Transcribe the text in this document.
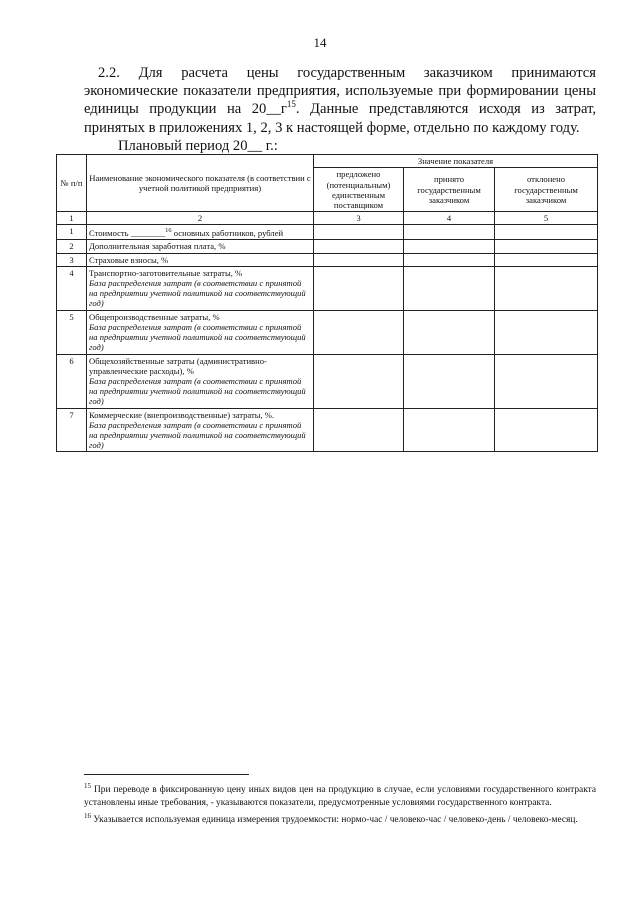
14
2.2. Для расчета цены государственным заказчиком принимаются экономические показатели предприятия, используемые при формировании цены единицы продукции на $20\_\_г^{15}$. Данные представляются исходя из затрат, принятых в приложениях 1, 2, 3 к настоящей форме, отдельно по каждому году.
Плановый период 20__ г.:
№ п/п	Наименование экономического показателя (в соответствии с учетной политикой предприятия)	Значение показателя		
		предложено (потенциальным) единственным поставщиком	принято государственным заказчиком	отклонено государственным заказчиком
1	2	3	4	5
1	Стоимость ________$^{16}$ основных работников, рублей			
2	Дополнительная заработная плата, %			
3	Страховые взносы, %			
4	Транспортно-заготовительные затраты, %
База распределения затрат (в соответствии с принятой на предприятии учетной политикой на соответствующий год)			

5	Общепроизводственные затраты, %
База распределения затрат (в соответствии с принятой на предприятии учетной политикой на соответствующий год)			

6	Общехозяйственные затраты (административно-управленческие расходы), %
База распределения затрат (в соответствии с принятой на предприятии учетной политикой на соответствующий год)			

7	Коммерческие (внепроизводственные) затраты, %.
База распределения затрат (в соответствии с принятой на предприятии учетной политикой на соответствующий год)			

$^{15}$ При переводе в фиксированную цену иных видов цен на продукцию в случае, если условиями государственного контракта установлены иные требования, - указываются показатели, предусмотренные условиями государственного контракта.

$^{16}$ Указывается используемая единица измерения трудоемкости: нормо-час / человеко-час / человеко-день / человеко-месяц.
